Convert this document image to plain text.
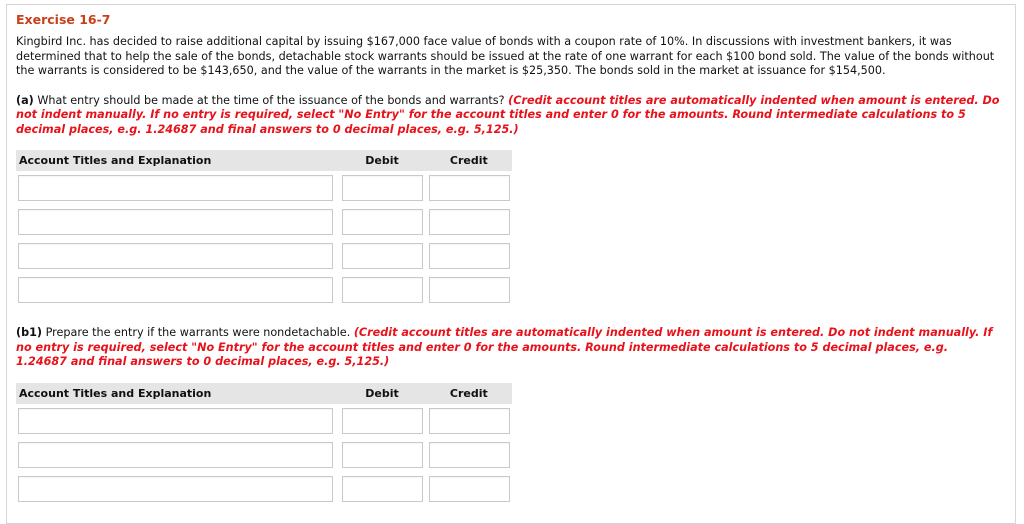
Exercise 16-7

Kingbird Inc. has decided to raise additional capital by issuing $167,000 face value of bonds with a coupon rate of 10%. In discussions with investment bankers, it was determined that to help the sale of the bonds, detachable stock warrants should be issued at the rate of one warrant for each $100 bond sold. The value of the bonds without the warrants is considered to be $143,650, and the value of the warrants in the market is $25,350. The bonds sold in the market at issuance for $154,500.

(a) What entry should be made at the time of the issuance of the bonds and warrants? (Credit account titles are automatically indented when amount is entered. Do not indent manually. If no entry is required, select "No Entry" for the account titles and enter 0 for the amounts. Round intermediate calculations to 5 decimal places, e.g. 1.24687 and final answers to 0 decimal places, e.g. 5,125.)

Account Titles and Explanation	Debit	Credit

(b1) Prepare the entry if the warrants were nondetachable. (Credit account titles are automatically indented when amount is entered. Do not indent manually. If no entry is required, select "No Entry" for the account titles and enter 0 for the amounts. Round intermediate calculations to 5 decimal places, e.g. 1.24687 and final answers to 0 decimal places, e.g. 5,125.)

Account Titles and Explanation	Debit	Credit
